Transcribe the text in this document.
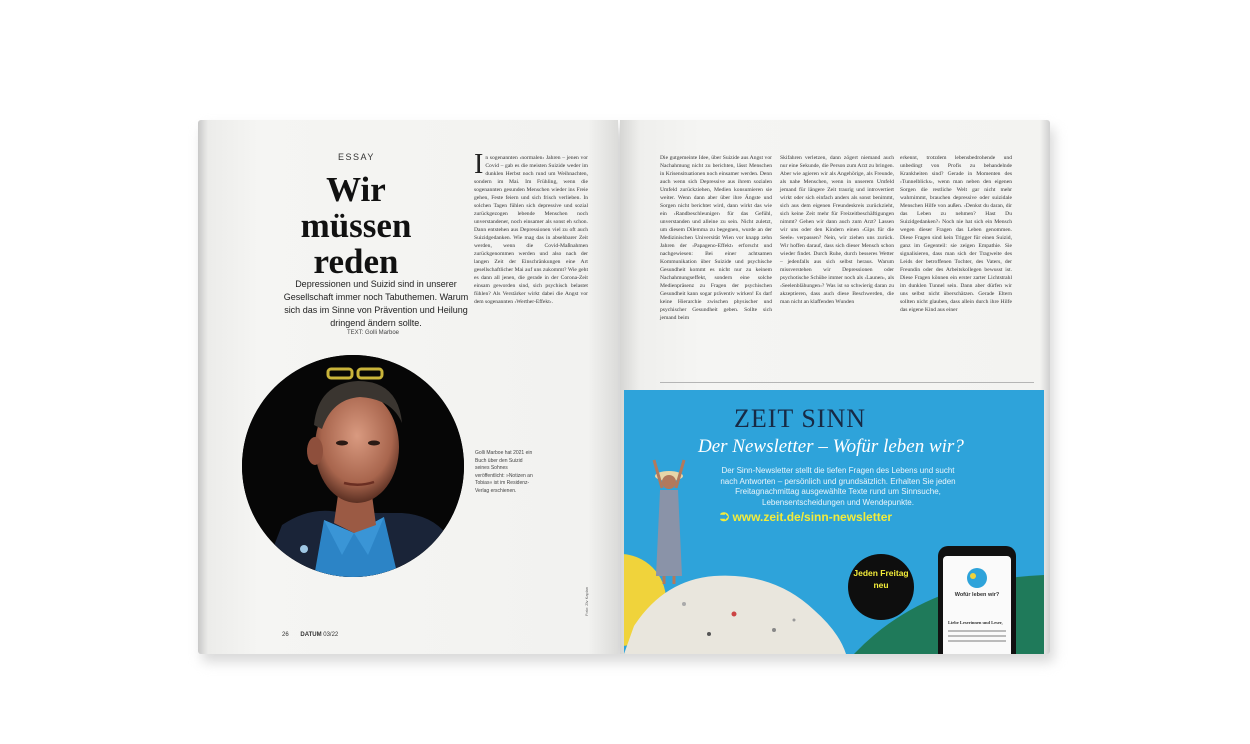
ESSAY
Wir müssen reden
Depressionen und Suizid sind in unserer Gesellschaft immer noch Tabuthemen. Warum sich das im Sinne von Prävention und Heilung dringend ändern sollte.
TEXT: Golli Marboe
Golli Marboe hat 2021 ein Buch über den Suizid seines Sohnes veröffentlicht: »Notizen an Tobias« ist im Residenz-Verlag erschienen.
Foto: Ziv Kaplan
I n sogenannten ›normalen‹ Jahren – jenen vor Covid – gab es die meisten Suizide weder im dunklen Herbst noch rund um Weihnachten, sondern im Mai. Im Frühling, wenn die sogenannten gesunden Menschen wieder ins Freie gehen, Feste feiern und sich frisch verlieben. In solchen Tagen fühlen sich depressive und sozial zurückgezogen lebende Menschen noch unverstandener, noch einsamer als sonst eh schon. Dann entstehen aus Depressionen viel zu oft auch Suizidgedanken. Wie mag das in absehbarer Zeit werden, wenn die Covid-Maßnahmen zurückgenommen werden und also nach der langen Zeit der Einschränkungen eine Art gesellschaftlicher Mai auf uns zukommt? Wie geht es dann all jenen, die gerade in der Corona-Zeit einsam geworden sind, sich psychisch belastet fühlen? Als Verstärker wirkt dabei die Angst vor dem sogenannten ›Werther-Effekt‹.
26 DATUM 03/22
Die gutgemeinte Idee, über Suizide aus Angst vor Nachahmung nicht zu berichten, lässt Menschen in Krisensituationen noch einsamer werden. Denn auch wenn sich Depressive aus ihrem sozialen Umfeld zurückziehen, Medien konsumieren sie weiter. Wenn dann aber über ihre Ängste und Sorgen nicht berichtet wird, dann wirkt das wie ein ›Randbeschleuniger‹ für das Gefühl, unverstanden und alleine zu sein. Nicht zuletzt, um diesem Dilemma zu begegnen, wurde an der Medizinischen Universität Wien vor knapp zehn Jahren der ›Papageno-Effekt‹ erforscht und nachgewiesen: Bei einer achtsamen Kommunikation über Suizide und psychische Gesundheit kommt es nicht nur zu keinem Nachahmungseffekt, sondern eine solche Medienpräsenz zu Fragen der psychischen Gesundheit kann sogar präventiv wirken! Es darf keine Hierarchie zwischen physischer und psychischer Gesundheit geben. Sollte sich jemand beim
Skifahren verletzen, dann zögert niemand auch nur eine Sekunde, die Person zum Arzt zu bringen. Aber wie agieren wir als Angehörige, als Freunde, als nahe Menschen, wenn in unserem Umfeld jemand für längere Zeit traurig und introvertiert wirkt oder sich einfach anders als sonst benimmt, sich aus dem eigenen Freundeskreis zurückzieht, sich keine Zeit mehr für Freizeitbeschäftigungen nimmt? Gehen wir dann auch zum Arzt? Lassen wir uns oder den Kindern einen ›Gips für die Seele‹ verpassen? Nein, wir ziehen uns zurück. Wir hoffen darauf, dass sich dieser Mensch schon wieder findet. Durch Ruhe, durch besseres Wetter – jedenfalls aus sich selbst heraus. Warum missverstehen wir Depressionen oder psychotische Schübe immer noch als ›Launen‹, als ›Seelenblähungen‹? Was ist so schwierig daran zu akzeptieren, dass auch diese Beschwerden, die man nicht an klaffenden Wunden
erkennt, trotzdem lebensbedrohende und unbedingt von Profis zu behandelnde Krankheiten sind? Gerade in Momenten des ›Tunnelblicks‹, wenn man neben den eigenen Sorgen die restliche Welt gar nicht mehr wahrnimmt, brauchen depressive oder suizidale Menschen Hilfe von außen. ›Denkst du daran, dir das Leben zu nehmen? Hast Du Suizidgedanken?‹ Noch nie hat sich ein Mensch wegen dieser Fragen das Leben genommen. Diese Fragen sind kein Trigger für einen Suizid, ganz im Gegenteil: sie zeigen Empathie. Sie signalisieren, dass man sich der Tragweite des Leids der betroffenen Tochter, des Vaters, der Freundin oder des Arbeitskollegen bewusst ist. Diese Fragen können ein erster zarter Lichtstrahl im dunklen Tunnel sein. Dann aber dürfen wir uns selbst nicht überschätzen. Gerade Eltern sollten nicht glauben, dass allein durch ihre Hilfe das eigene Kind aus einer
ZEIT SINN
Der Newsletter – Wofür leben wir?
Der Sinn-Newsletter stellt die tiefen Fragen des Lebens und sucht nach Antworten – persönlich und grundsätzlich. Erhalten Sie jeden Freitagnachmittag ausgewählte Texte rund um Sinnsuche, Lebensentscheidungen und Wendepunkte.
⮊ www.zeit.de/sinn-newsletter
Jeden Freitag neu
Wofür leben wir?
Liebe Leserinnen und Leser,
